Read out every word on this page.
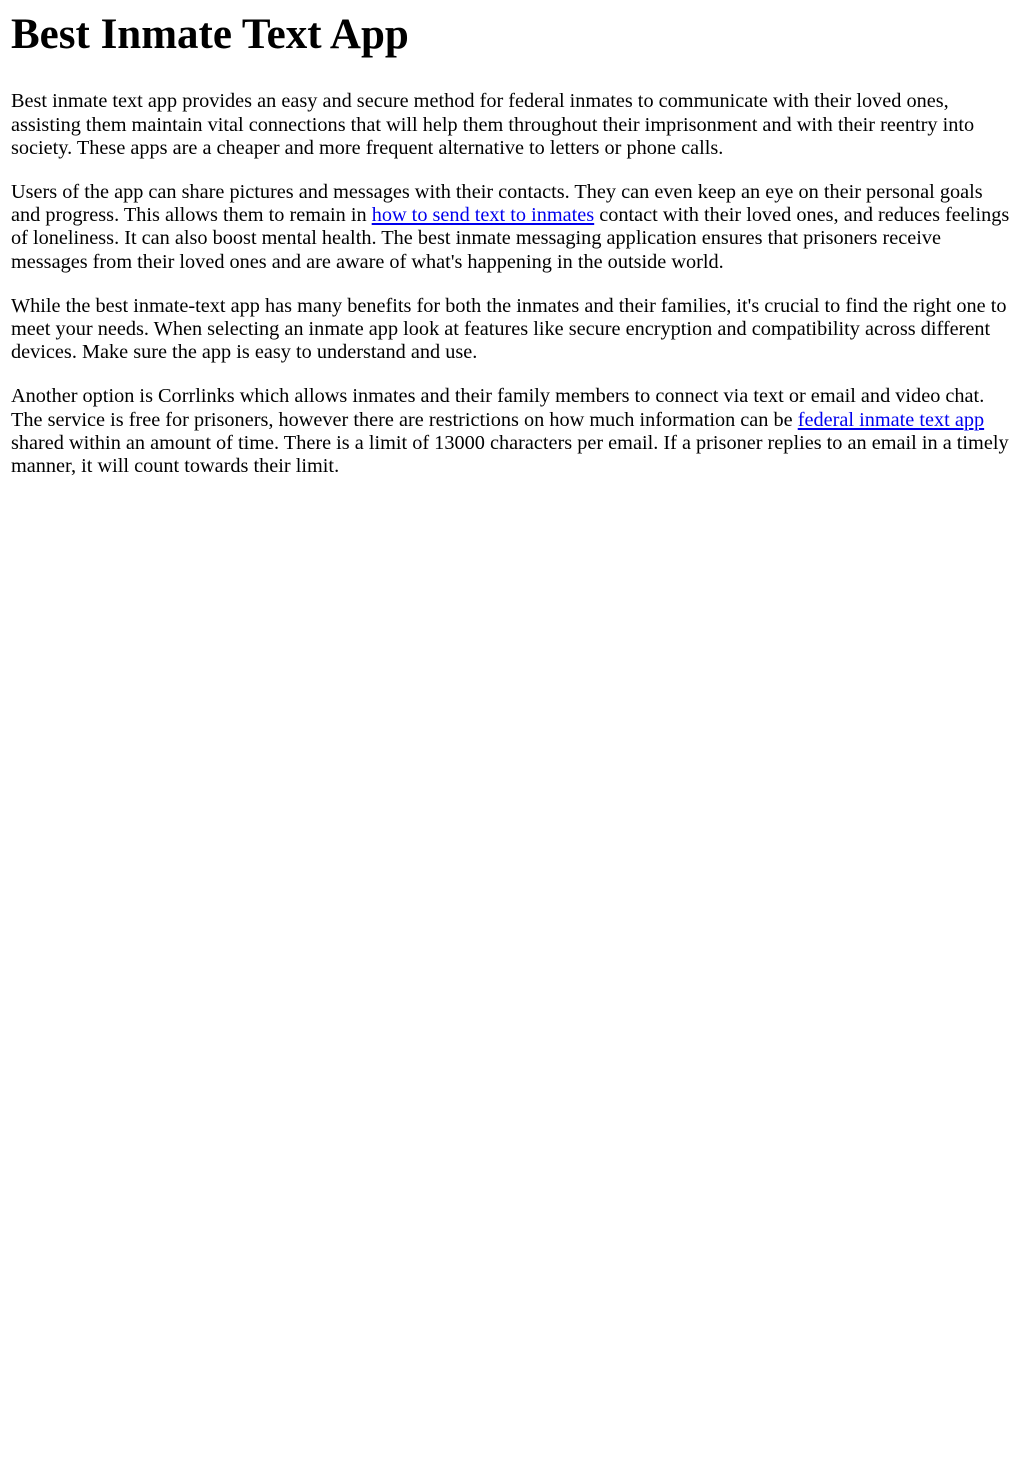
Best Inmate Text App

Best inmate text app provides an easy and secure method for federal inmates to communicate with their loved ones, assisting them maintain vital connections that will help them throughout their imprisonment and with their reentry into society. These apps are a cheaper and more frequent alternative to letters or phone calls.

Users of the app can share pictures and messages with their contacts. They can even keep an eye on their personal goals and progress. This allows them to remain in how to send text to inmates contact with their loved ones, and reduces feelings of loneliness. It can also boost mental health. The best inmate messaging application ensures that prisoners receive messages from their loved ones and are aware of what's happening in the outside world.

While the best inmate-text app has many benefits for both the inmates and their families, it's crucial to find the right one to meet your needs. When selecting an inmate app look at features like secure encryption and compatibility across different devices. Make sure the app is easy to understand and use.

Another option is Corrlinks which allows inmates and their family members to connect via text or email and video chat. The service is free for prisoners, however there are restrictions on how much information can be federal inmate text app shared within an amount of time. There is a limit of 13000 characters per email. If a prisoner replies to an email in a timely manner, it will count towards their limit.
